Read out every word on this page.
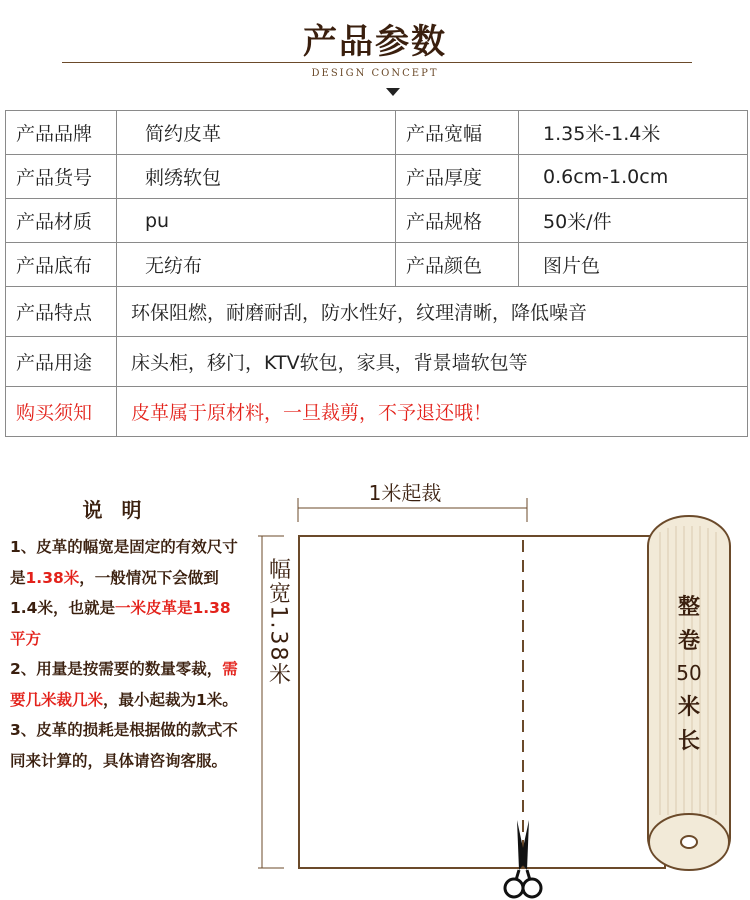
产品参数
DESIGN CONCEPT
产品品牌	简约皮革	产品宽幅	1.35米-1.4米
产品货号	刺绣软包	产品厚度	0.6cm-1.0cm
产品材质	pu	产品规格	50米/件
产品底布	无纺布	产品颜色	图片色
产品特点	环保阻燃，耐磨耐刮，防水性好，纹理清晰，降低噪音		
产品用途	床头柜，移门，KTV软包，家具，背景墙软包等		
购买须知	皮革属于原材料，一旦裁剪，不予退还哦！		
说 明
1、皮革的幅宽是固定的有效尺寸是1.38米，一般情况下会做到1.4米，也就是一米皮革是1.38平方
2、用量是按需要的数量零裁，需要几米裁几米，最小起裁为1米。
3、皮革的损耗是根据做的款式不同来计算的，具体请咨询客服。
1米起裁
幅宽1.38米	整
卷
50
米
长
